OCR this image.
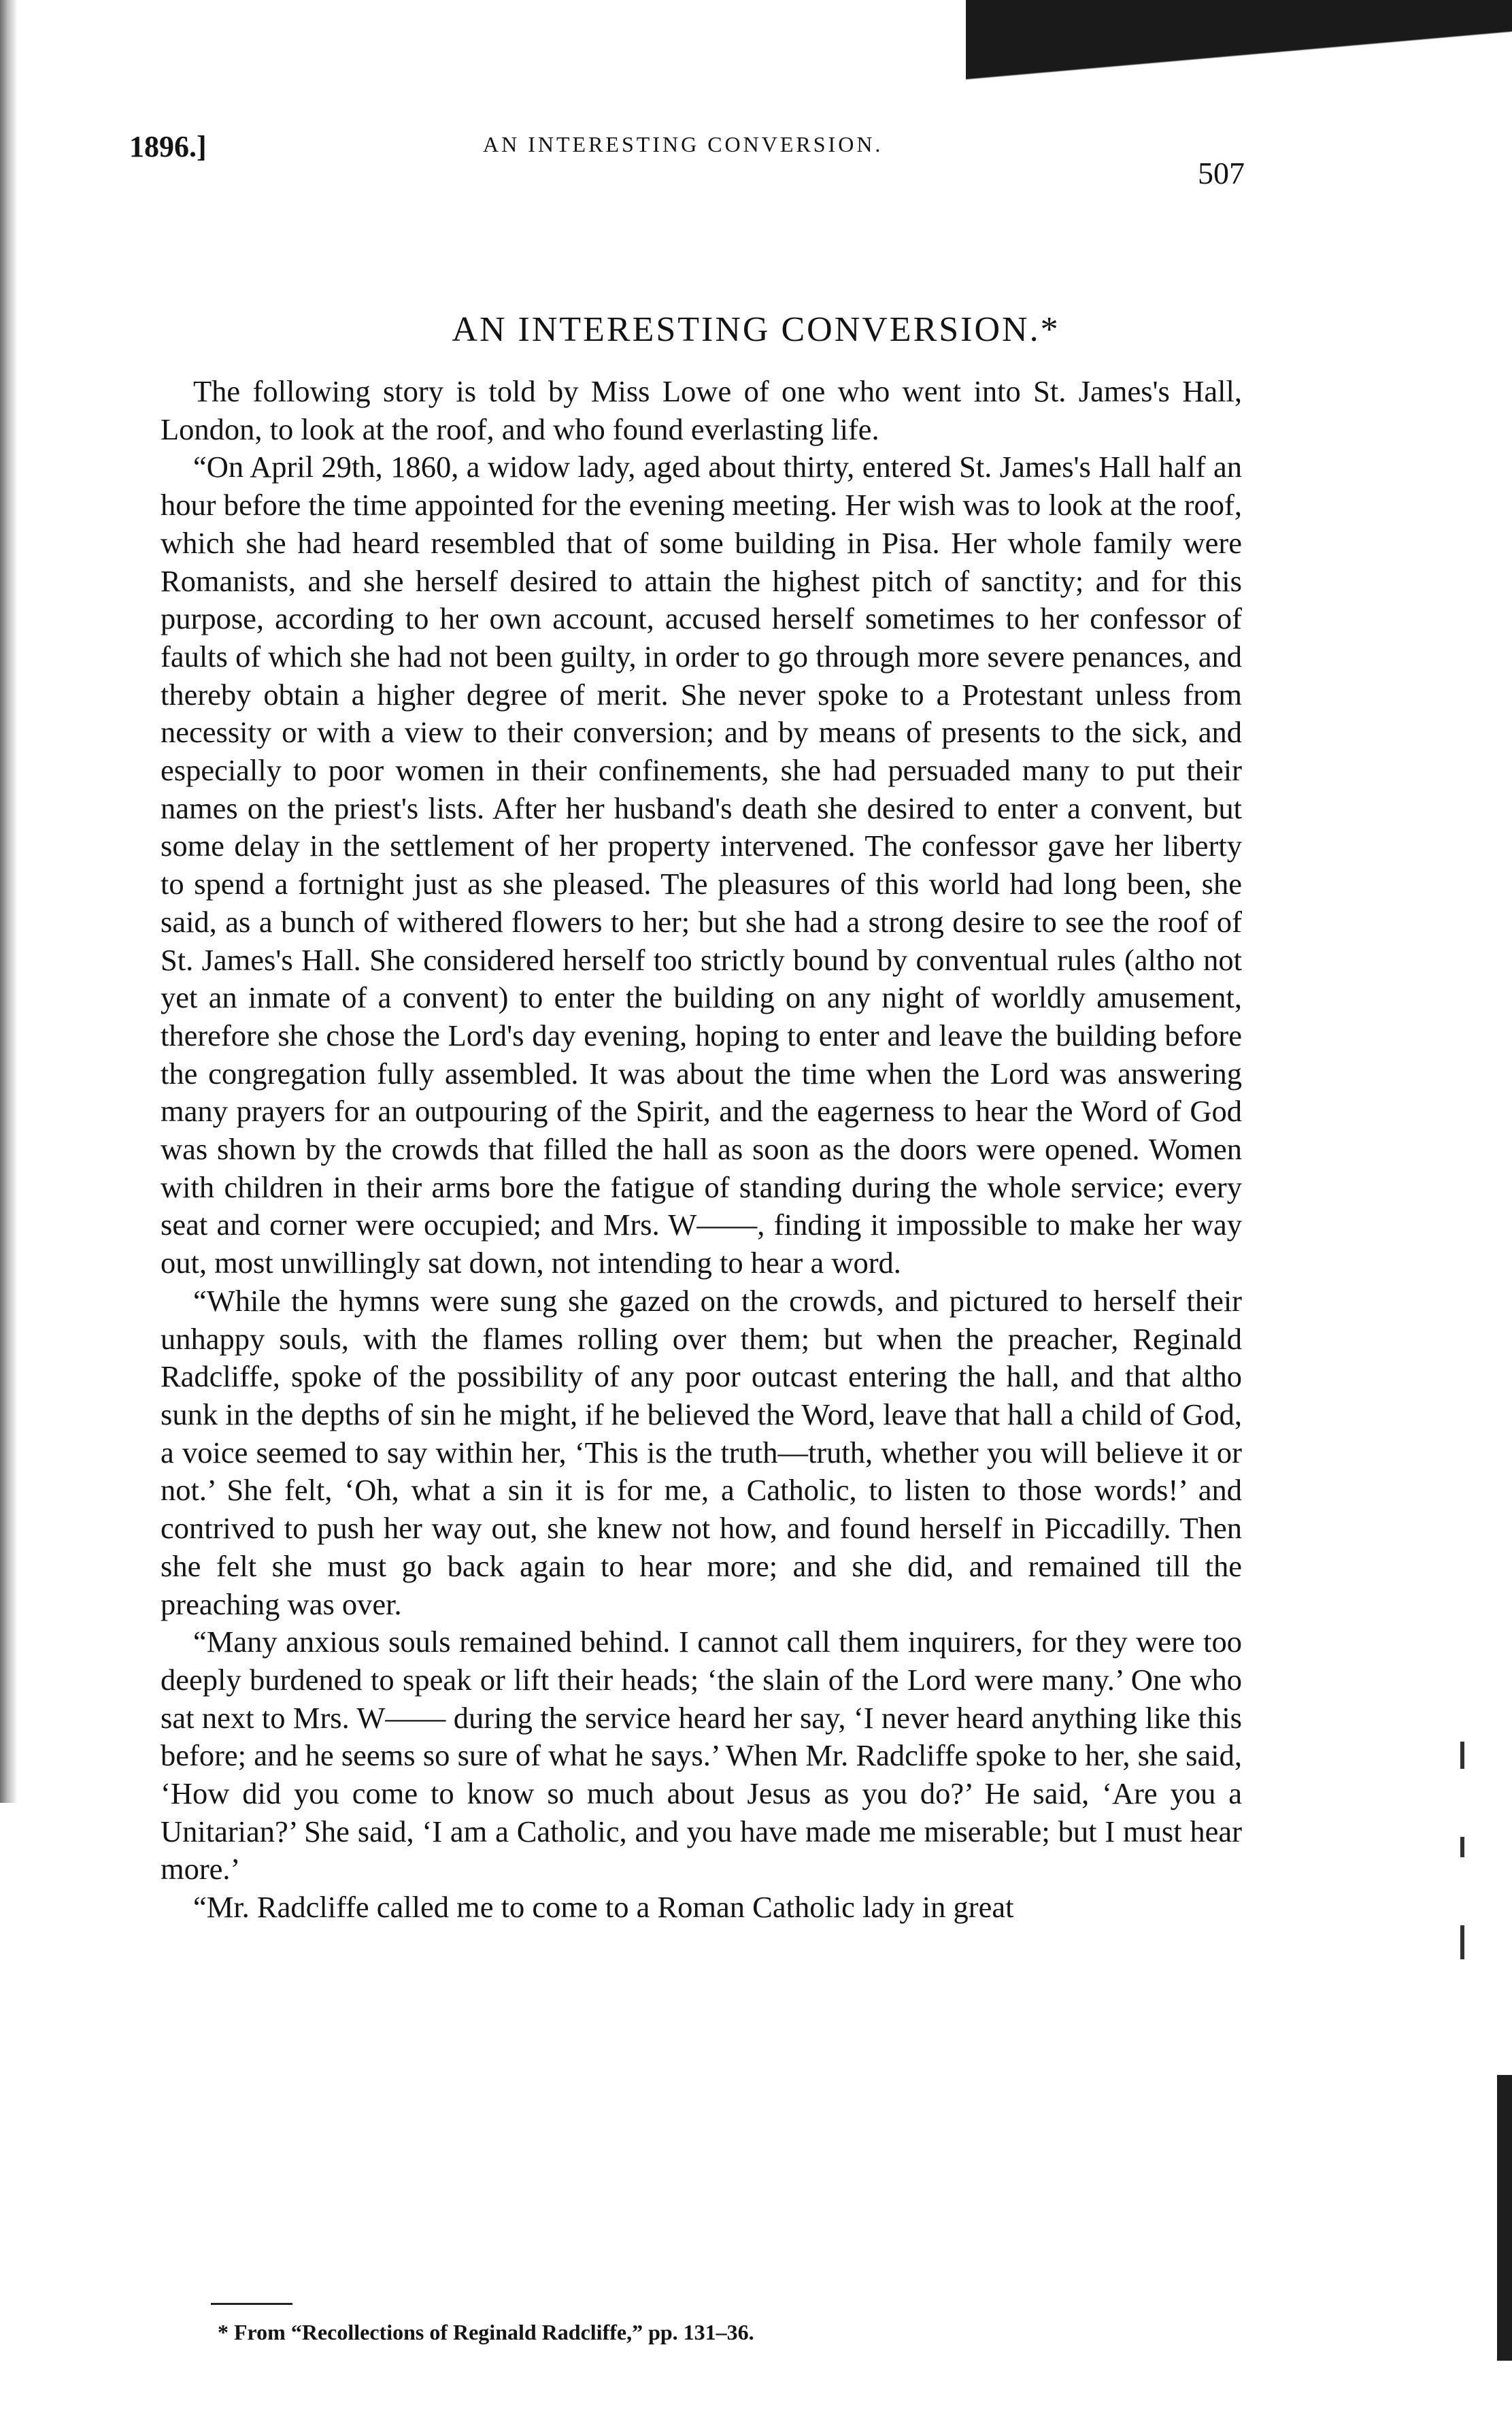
1896.]	AN INTERESTING CONVERSION.
507
AN INTERESTING CONVERSION.*

The following story is told by Miss Lowe of one who went into St. James's Hall, London, to look at the roof, and who found everlasting life.

“On April 29th, 1860, a widow lady, aged about thirty, entered St. James's Hall half an hour before the time appointed for the evening meeting. Her wish was to look at the roof, which she had heard resembled that of some building in Pisa. Her whole family were Romanists, and she herself desired to attain the highest pitch of sanctity; and for this purpose, according to her own account, accused herself sometimes to her confessor of faults of which she had not been guilty, in order to go through more severe penances, and thereby obtain a higher degree of merit. She never spoke to a Protestant unless from necessity or with a view to their conversion; and by means of presents to the sick, and especially to poor women in their confinements, she had persuaded many to put their names on the priest's lists. After her husband's death she desired to enter a convent, but some delay in the settlement of her property intervened. The confessor gave her liberty to spend a fortnight just as she pleased. The pleasures of this world had long been, she said, as a bunch of withered flowers to her; but she had a strong desire to see the roof of St. James's Hall. She considered herself too strictly bound by conventual rules (altho not yet an inmate of a convent) to enter the building on any night of worldly amusement, therefore she chose the Lord's day evening, hoping to enter and leave the building before the congregation fully assembled. It was about the time when the Lord was answering many prayers for an outpouring of the Spirit, and the eagerness to hear the Word of God was shown by the crowds that filled the hall as soon as the doors were opened. Women with children in their arms bore the fatigue of standing during the whole service; every seat and corner were occupied; and Mrs. W——, finding it impossible to make her way out, most unwillingly sat down, not intending to hear a word.

“While the hymns were sung she gazed on the crowds, and pictured to herself their unhappy souls, with the flames rolling over them; but when the preacher, Reginald Radcliffe, spoke of the possibility of any poor outcast entering the hall, and that altho sunk in the depths of sin he might, if he believed the Word, leave that hall a child of God, a voice seemed to say within her, ‘This is the truth—truth, whether you will believe it or not.’ She felt, ‘Oh, what a sin it is for me, a Catholic, to listen to those words!’ and contrived to push her way out, she knew not how, and found herself in Piccadilly. Then she felt she must go back again to hear more; and she did, and remained till the preaching was over.

“Many anxious souls remained behind. I cannot call them inquirers, for they were too deeply burdened to speak or lift their heads; ‘the slain of the Lord were many.’ One who sat next to Mrs. W—— during the service heard her say, ‘I never heard anything like this before; and he seems so sure of what he says.’ When Mr. Radcliffe spoke to her, she said, ‘How did you come to know so much about Jesus as you do?’ He said, ‘Are you a Unitarian?’ She said, ‘I am a Catholic, and you have made me miserable; but I must hear more.’

“Mr. Radcliffe called me to come to a Roman Catholic lady in great

* From “Recollections of Reginald Radcliffe,” pp. 131–36.
